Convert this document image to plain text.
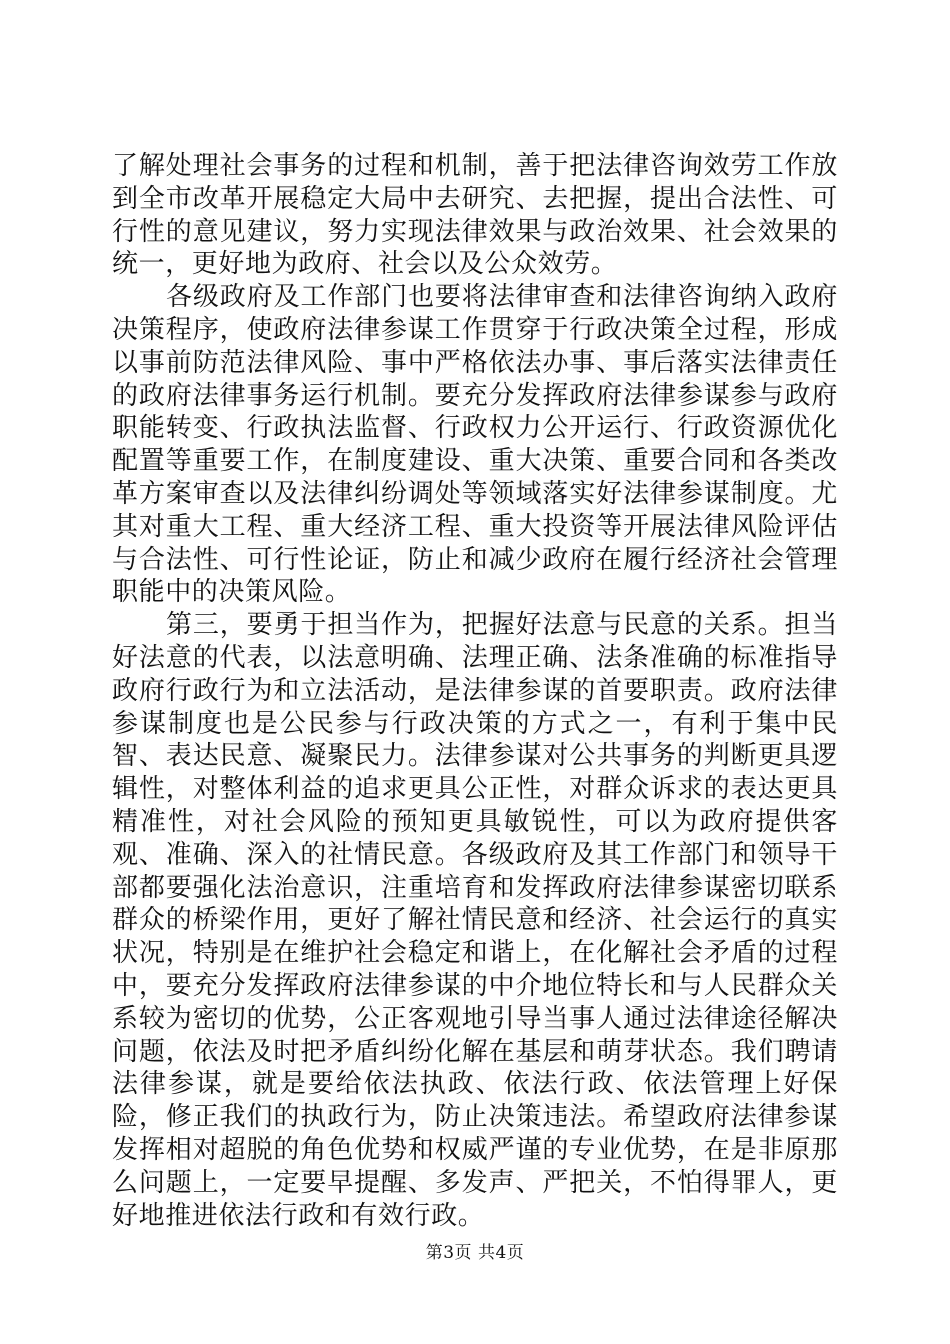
了解处理社会事务的过程和机制，善于把法律咨询效劳工作放到全市改革开展稳定大局中去研究、去把握，提出合法性、可行性的意见建议，努力实现法律效果与政治效果、社会效果的统一，更好地为政府、社会以及公众效劳。

各级政府及工作部门也要将法律审查和法律咨询纳入政府决策程序，使政府法律参谋工作贯穿于行政决策全过程，形成以事前防范法律风险、事中严格依法办事、事后落实法律责任的政府法律事务运行机制。要充分发挥政府法律参谋参与政府职能转变、行政执法监督、行政权力公开运行、行政资源优化配置等重要工作，在制度建设、重大决策、重要合同和各类改革方案审查以及法律纠纷调处等领域落实好法律参谋制度。尤其对重大工程、重大经济工程、重大投资等开展法律风险评估与合法性、可行性论证，防止和减少政府在履行经济社会管理职能中的决策风险。

第三，要勇于担当作为，把握好法意与民意的关系。担当好法意的代表，以法意明确、法理正确、法条准确的标准指导政府行政行为和立法活动，是法律参谋的首要职责。政府法律参谋制度也是公民参与行政决策的方式之一，有利于集中民智、表达民意、凝聚民力。法律参谋对公共事务的判断更具逻辑性，对整体利益的追求更具公正性，对群众诉求的表达更具精准性，对社会风险的预知更具敏锐性，可以为政府提供客观、准确、深入的社情民意。各级政府及其工作部门和领导干部都要强化法治意识，注重培育和发挥政府法律参谋密切联系群众的桥梁作用，更好了解社情民意和经济、社会运行的真实状况，特别是在维护社会稳定和谐上，在化解社会矛盾的过程中，要充分发挥政府法律参谋的中介地位特长和与人民群众关系较为密切的优势，公正客观地引导当事人通过法律途径解决问题，依法及时把矛盾纠纷化解在基层和萌芽状态。我们聘请法律参谋，就是要给依法执政、依法行政、依法管理上好保险，修正我们的执政行为，防止决策违法。希望政府法律参谋发挥相对超脱的角色优势和权威严谨的专业优势，在是非原那么问题上，一定要早提醒、多发声、严把关，不怕得罪人，更好地推进依法行政和有效行政。

第3页 共4页
